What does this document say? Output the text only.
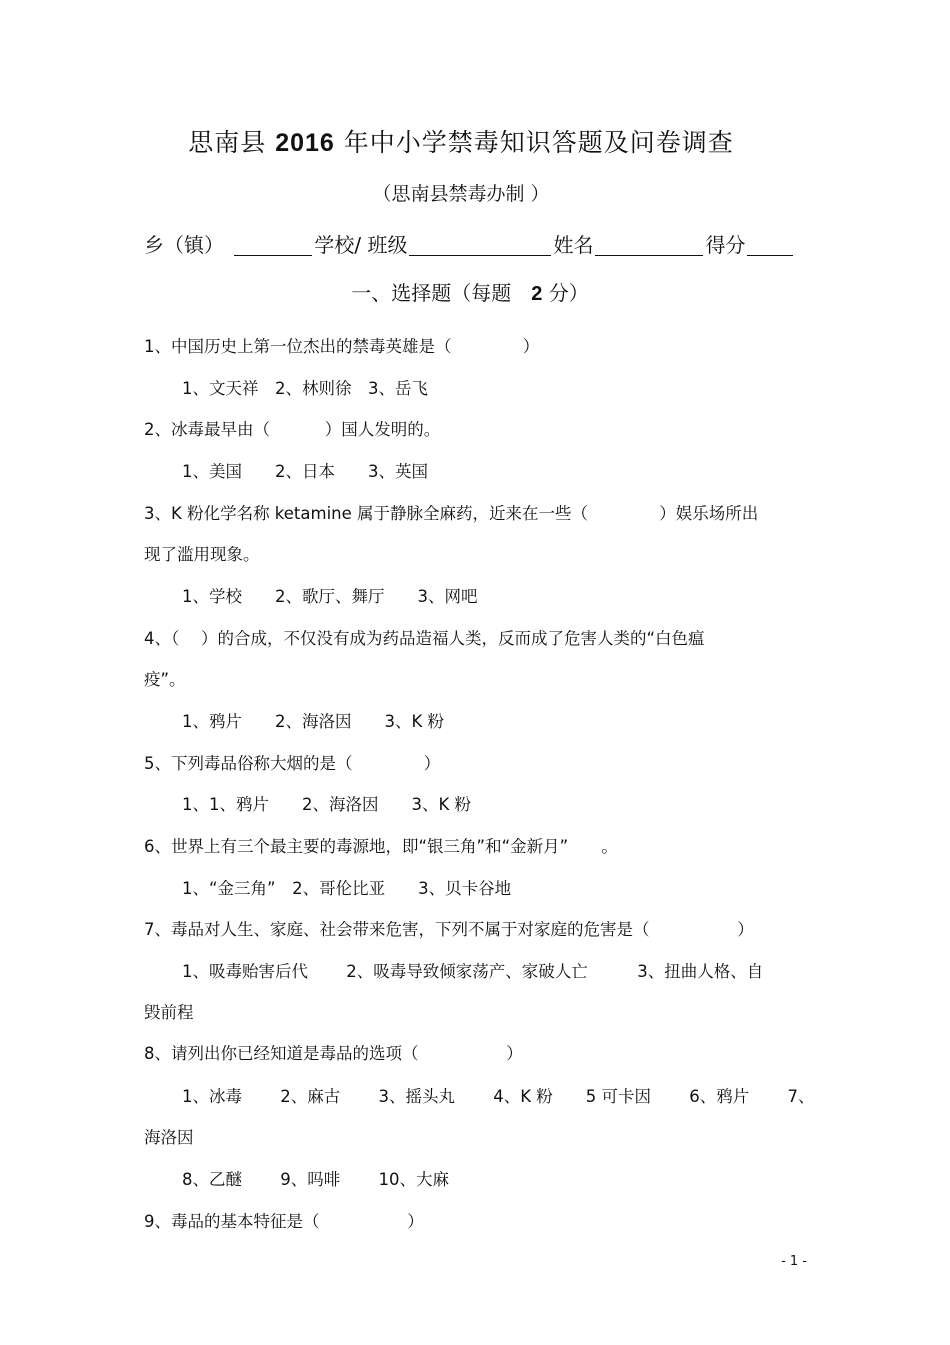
思南县 2016 年中小学禁毒知识答题及问卷调查
（思南县禁毒办制 ）
乡（镇）	学校/ 班级	姓名	得分
一、选择题（每题　 2 分）
1、中国历史上第一位杰出的禁毒英雄是（　　　　 ）
1、文天祥　2、林则徐　3、岳飞
2、冰毒最早由（　　　 ）国人发明的。
1、美国　　2、日本　　3、英国
3、K 粉化学名称 ketamine 属于静脉全麻药，近来在一些（　　　　 ）娱乐场所出
现了滥用现象。
1、学校　　2、歌厅、舞厅　　3、网吧
4、（　 ）的合成，不仅没有成为药品造福人类，反而成了危害人类的“白色瘟
疫”。
1、鸦片　　2、海洛因　　3、K 粉
5、下列毒品俗称大烟的是（　　　　 ）
1、1、鸦片　　2、海洛因　　3、K 粉
6、世界上有三个最主要的毒源地，即“银三角”和“金新月”　　。
1、“金三角”　2、哥伦比亚　　3、贝卡谷地
7、毒品对人生、家庭、社会带来危害，下列不属于对家庭的危害是（　　　　　 ）
1、吸毒贻害后代　　 2、吸毒导致倾家荡产、家破人亡　　　3、扭曲人格、自
毁前程
8、请列出你已经知道是毒品的选项（　　　　　 ）
1、冰毒　　 2、麻古　　 3、摇头丸　　 4、K 粉　　5 可卡因　　 6、鸦片　　 7、
海洛因
8、乙醚　　 9、吗啡　　 10、大麻
9、毒品的基本特征是（　　　　　 ）
- 1 -
